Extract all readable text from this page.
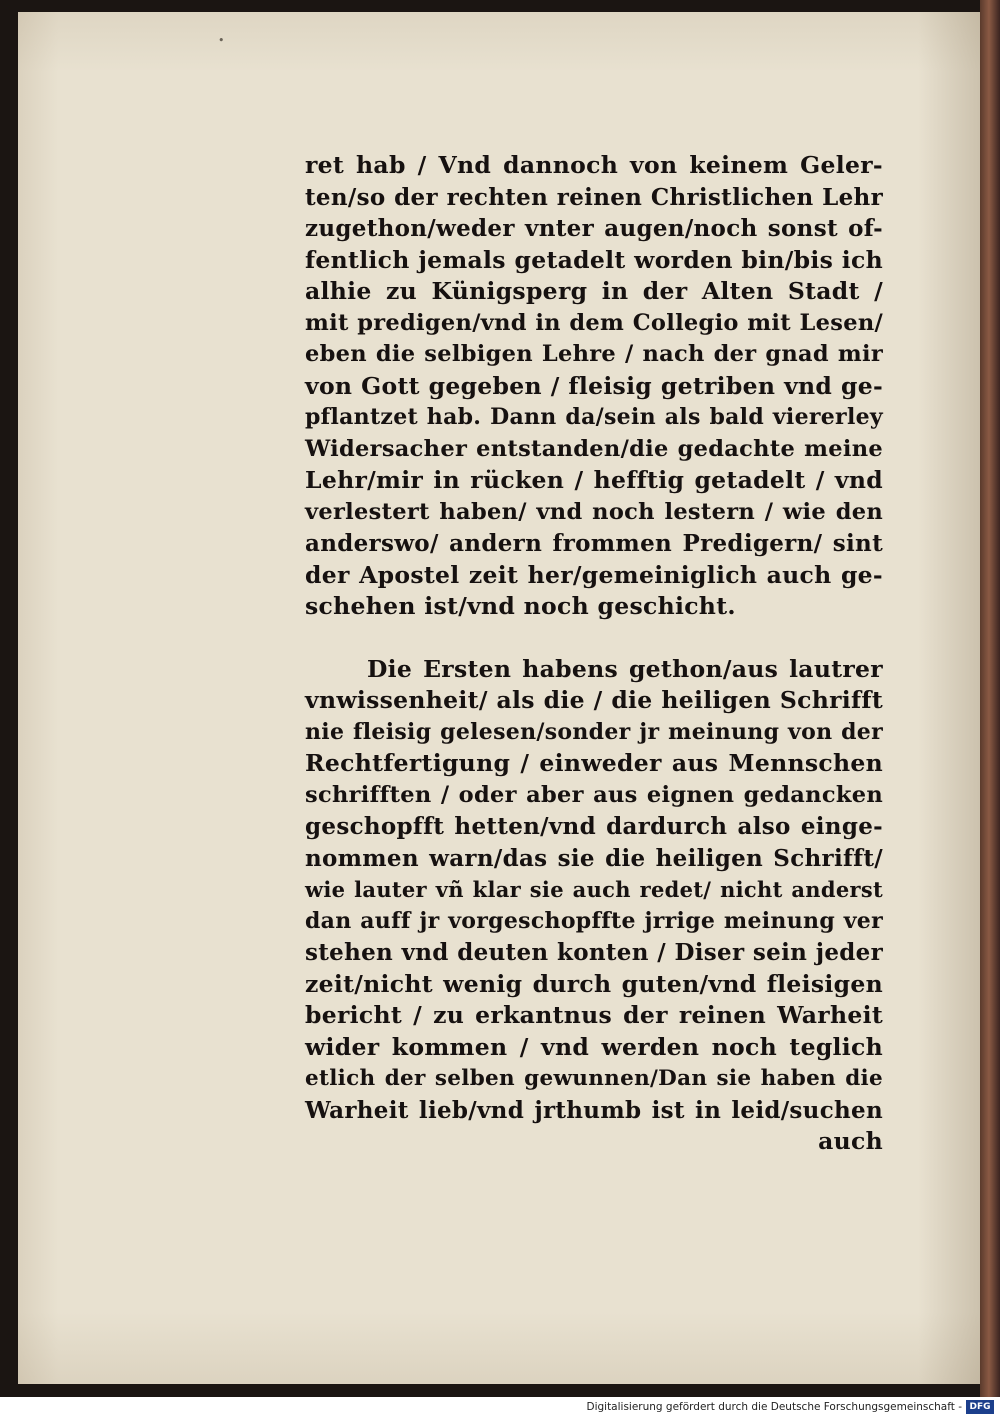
•
ret hab / Vnd dannoch von keinem Geler-
ten/so der rechten reinen Christlichen Lehr
zugethon/weder vnter augen/noch sonst of-
fentlich jemals getadelt worden bin/bis ich
alhie zu Künigsperg in der Alten Stadt /
mit predigen/vnd in dem Collegio mit Lesen/
eben die selbigen Lehre / nach der gnad mir
von Gott gegeben / fleisig getriben vnd ge-
pflantzet hab. Dann da/sein als bald viererley
Widersacher entstanden/die gedachte meine
Lehr/mir in rücken / hefftig getadelt / vnd
verlestert haben/ vnd noch lestern / wie den
anderswo/ andern frommen Predigern/ sint
der Apostel zeit her/gemeiniglich auch ge-
schehen ist/vnd noch geschicht.
Die Ersten habens gethon/aus lautrer
vnwissenheit/ als die / die heiligen Schrifft
nie fleisig gelesen/sonder jr meinung von der
Rechtfertigung / einweder aus Mennschen
schrifften / oder aber aus eignen gedancken
geschopfft hetten/vnd dardurch also einge-
nommen warn/das sie die heiligen Schrifft/
wie lauter vñ klar sie auch redet/ nicht anderst
dan auff jr vorgeschopffte jrrige meinung ver
stehen vnd deuten konten / Diser sein jeder
zeit/nicht wenig durch guten/vnd fleisigen
bericht / zu erkantnus der reinen Warheit
wider kommen / vnd werden noch teglich
etlich der selben gewunnen/Dan sie haben die
Warheit lieb/vnd jrthumb ist in leid/suchen
auch
Digitalisierung gefördert durch die Deutsche Forschungsgemeinschaft - DFG
